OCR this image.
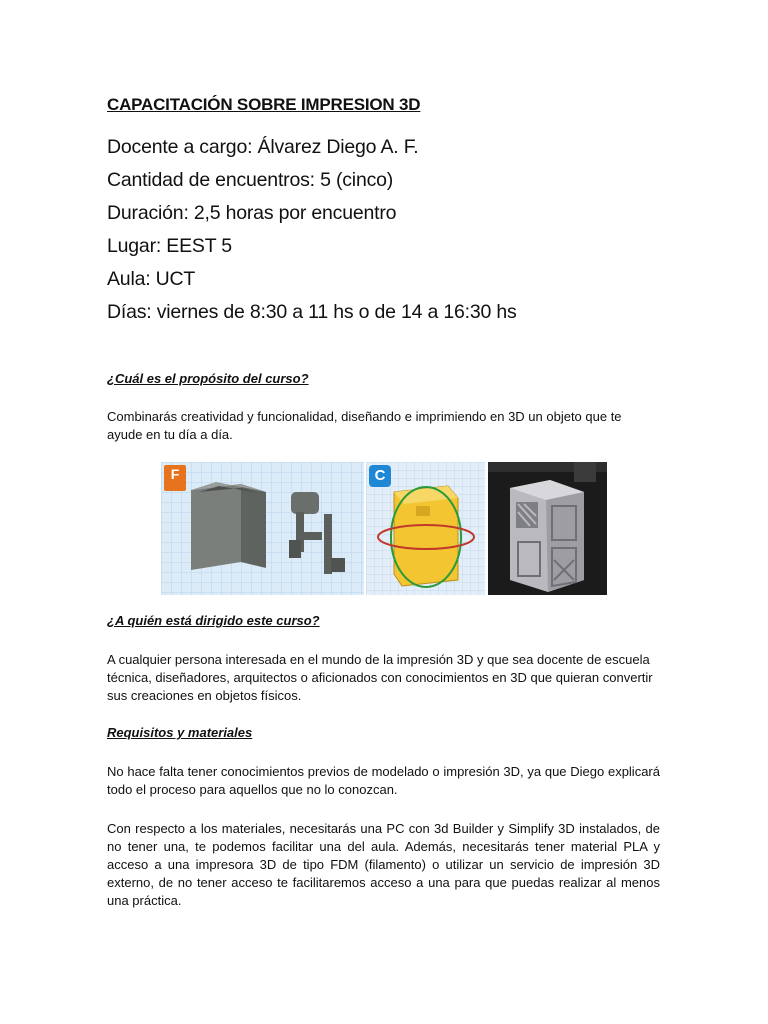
CAPACITACIÓN SOBRE IMPRESION 3D
Docente a cargo: Álvarez Diego A. F.
Cantidad de encuentros: 5 (cinco)
Duración: 2,5 horas por encuentro
Lugar: EEST 5
Aula: UCT
Días: viernes de 8:30 a 11 hs o de 14 a 16:30 hs
¿Cuál es el propósito del curso?
Combinarás creatividad y funcionalidad, diseñando e imprimiendo en 3D un objeto que te ayude en tu día a día.
F	C
¿A quién está dirigido este curso?
A cualquier persona interesada en el mundo de la impresión 3D y que sea docente de escuela técnica, diseñadores, arquitectos o aficionados con conocimientos en 3D que quieran convertir sus creaciones en objetos físicos.
Requisitos y materiales
No hace falta tener conocimientos previos de modelado o impresión 3D, ya que Diego explicará todo el proceso para aquellos que no lo conozcan.
Con respecto a los materiales, necesitarás una PC con 3d Builder y Simplify 3D instalados, de no tener una, te podemos facilitar una del aula. Además, necesitarás tener material PLA y acceso a una impresora 3D de tipo FDM (filamento) o utilizar un servicio de impresión 3D externo, de no tener acceso te facilitaremos acceso a una para que puedas realizar al menos una práctica.
